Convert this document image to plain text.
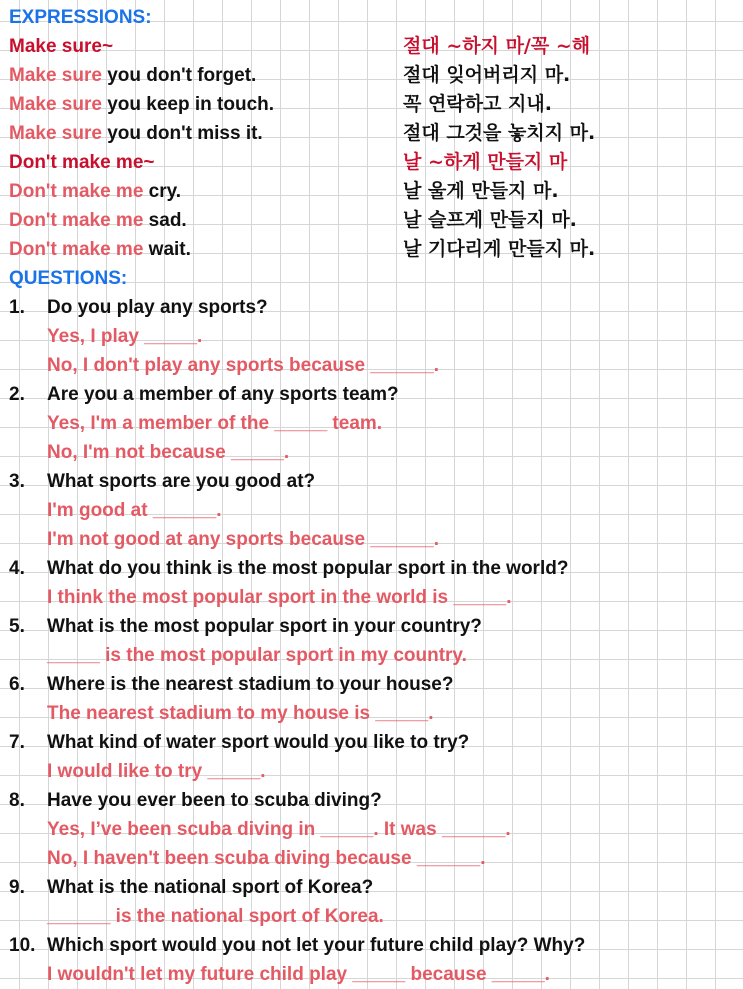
EXPRESSIONS:
Make sure~	절대 ~하지 마/꼭 ~해
Make sure you don't forget.	절대 잊어버리지 마.
Make sure you keep in touch.	꼭 연락하고 지내.
Make sure you don't miss it.	절대 그것을 놓치지 마.
Don't make me~	날 ~하게 만들지 마
Don't make me cry.	날 울게 만들지 마.
Don't make me sad.	날 슬프게 만들지 마.
Don't make me wait.	날 기다리게 만들지 마.
QUESTIONS:
1.	Do you play any sports?
Yes, I play _____.
No, I don't play any sports because ______.
2.	Are you a member of any sports team?
Yes, I'm a member of the _____ team.
No, I'm not because _____.
3.	What sports are you good at?
I'm good at ______.
I'm not good at any sports because ______.
4.	What do you think is the most popular sport in the world?
I think the most popular sport in the world is _____.
5.	What is the most popular sport in your country?
_____ is the most popular sport in my country.
6.	Where is the nearest stadium to your house?
The nearest stadium to my house is _____.
7.	What kind of water sport would you like to try?
I would like to try _____.
8.	Have you ever been to scuba diving?
Yes, I’ve been scuba diving in _____. It was ______.
No, I haven't been scuba diving because ______.
9.	What is the national sport of Korea?
______ is the national sport of Korea.
10. Which sport would you not let your future child play? Why?
I wouldn't let my future child play _____ because _____.
